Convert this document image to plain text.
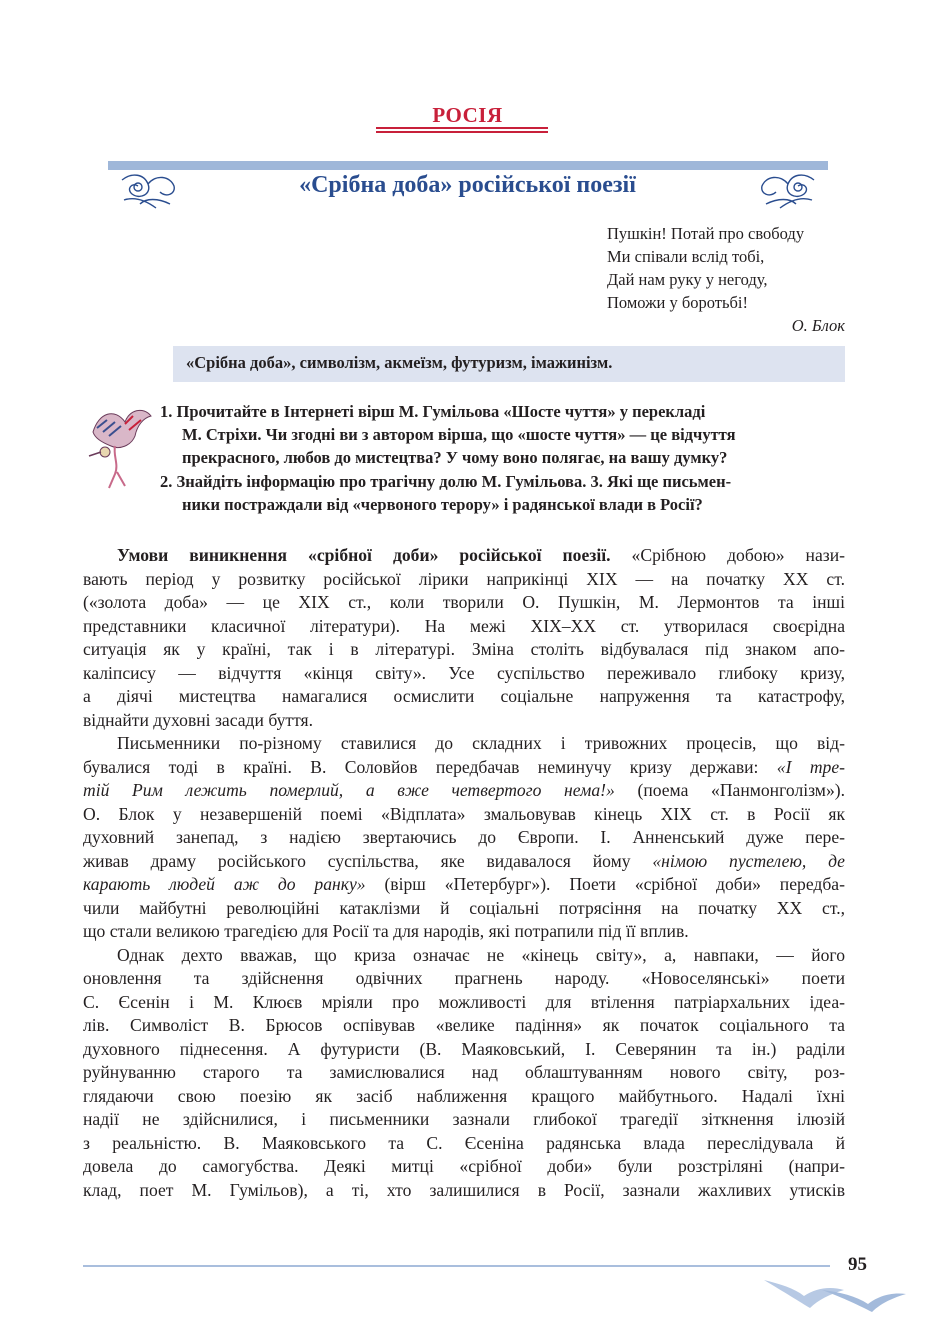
РОСІЯ
«Срібна доба» російської поезії
Пушкін! Потай про свободу
Ми співали вслід тобі,
Дай нам руку у негоду,
Поможи у боротьбі!
О. Блок
«Срібна доба», символізм, акмеїзм, футуризм, імажинізм.
1. Прочитайте в Інтернеті вірш М. Гумільова «Шосте чуття» у перекладі
М. Стріхи. Чи згодні ви з автором вірша, що «шосте чуття» — це відчуття
прекрасного, любов до мистецтва? У чому воно полягає, на вашу думку?
2. Знайдіть інформацію про трагічну долю М. Гумільова. 3. Які ще письмен-
ники постраждали від «червоного терору» і радянської влади в Росії?
Умови виникнення «срібної доби» російської поезії. «Срібною добою» нази-
вають період у розвитку російської лірики наприкінці XIX — на початку XX ст.
(«золота доба» — це XIX ст., коли творили О. Пушкін, М. Лермонтов та інші
представники класичної літератури). На межі XIX–XX ст. утворилася своєрідна
ситуація як у країні, так і в літературі. Зміна століть відбувалася під знаком апо-
каліпсису — відчуття «кінця світу». Усе суспільство переживало глибоку кризу,
а діячі мистецтва намагалися осмислити соціальне напруження та катастрофу,
віднайти духовні засади буття.
Письменники по-різному ставилися до складних і тривожних процесів, що від-
бувалися тоді в країні. В. Соловйов передбачав неминучу кризу держави: «І тре-
тій Рим лежить померлий, а вже четвертого нема!» (поема «Панмонголізм»).
О. Блок у незавершеній поемі «Відплата» змальовував кінець XIX ст. в Росії як
духовний занепад, з надією звертаючись до Європи. І. Анненський дуже пере-
живав драму російського суспільства, яке видавалося йому «німою пустелею, де
карають людей аж до ранку» (вірш «Петербург»). Поети «срібної доби» передба-
чили майбутні революційні катаклізми й соціальні потрясіння на початку XX ст.,
що стали великою трагедією для Росії та для народів, які потрапили під її вплив.
Однак дехто вважав, що криза означає не «кінець світу», а, навпаки, — його
оновлення та здійснення одвічних прагнень народу. «Новоселянські» поети
С. Єсенін і М. Клюєв мріяли про можливості для втілення патріархальних ідеа-
лів. Символіст В. Брюсов оспівував «велике падіння» як початок соціального та
духовного піднесення. А футуристи (В. Маяковський, І. Северянин та ін.) раділи
руйнуванню старого та замислювалися над облаштуванням нового світу, роз-
глядаючи свою поезію як засіб наближення кращого майбутнього. Надалі їхні
надії не здійснилися, і письменники зазнали глибокої трагедії зіткнення ілюзій
з реальністю. В. Маяковського та С. Єсеніна радянська влада переслідувала й
довела до самогубства. Деякі митці «срібної доби» були розстріляні (напри-
клад, поет М. Гумільов), а ті, хто залишилися в Росії, зазнали жахливих утисків
95
